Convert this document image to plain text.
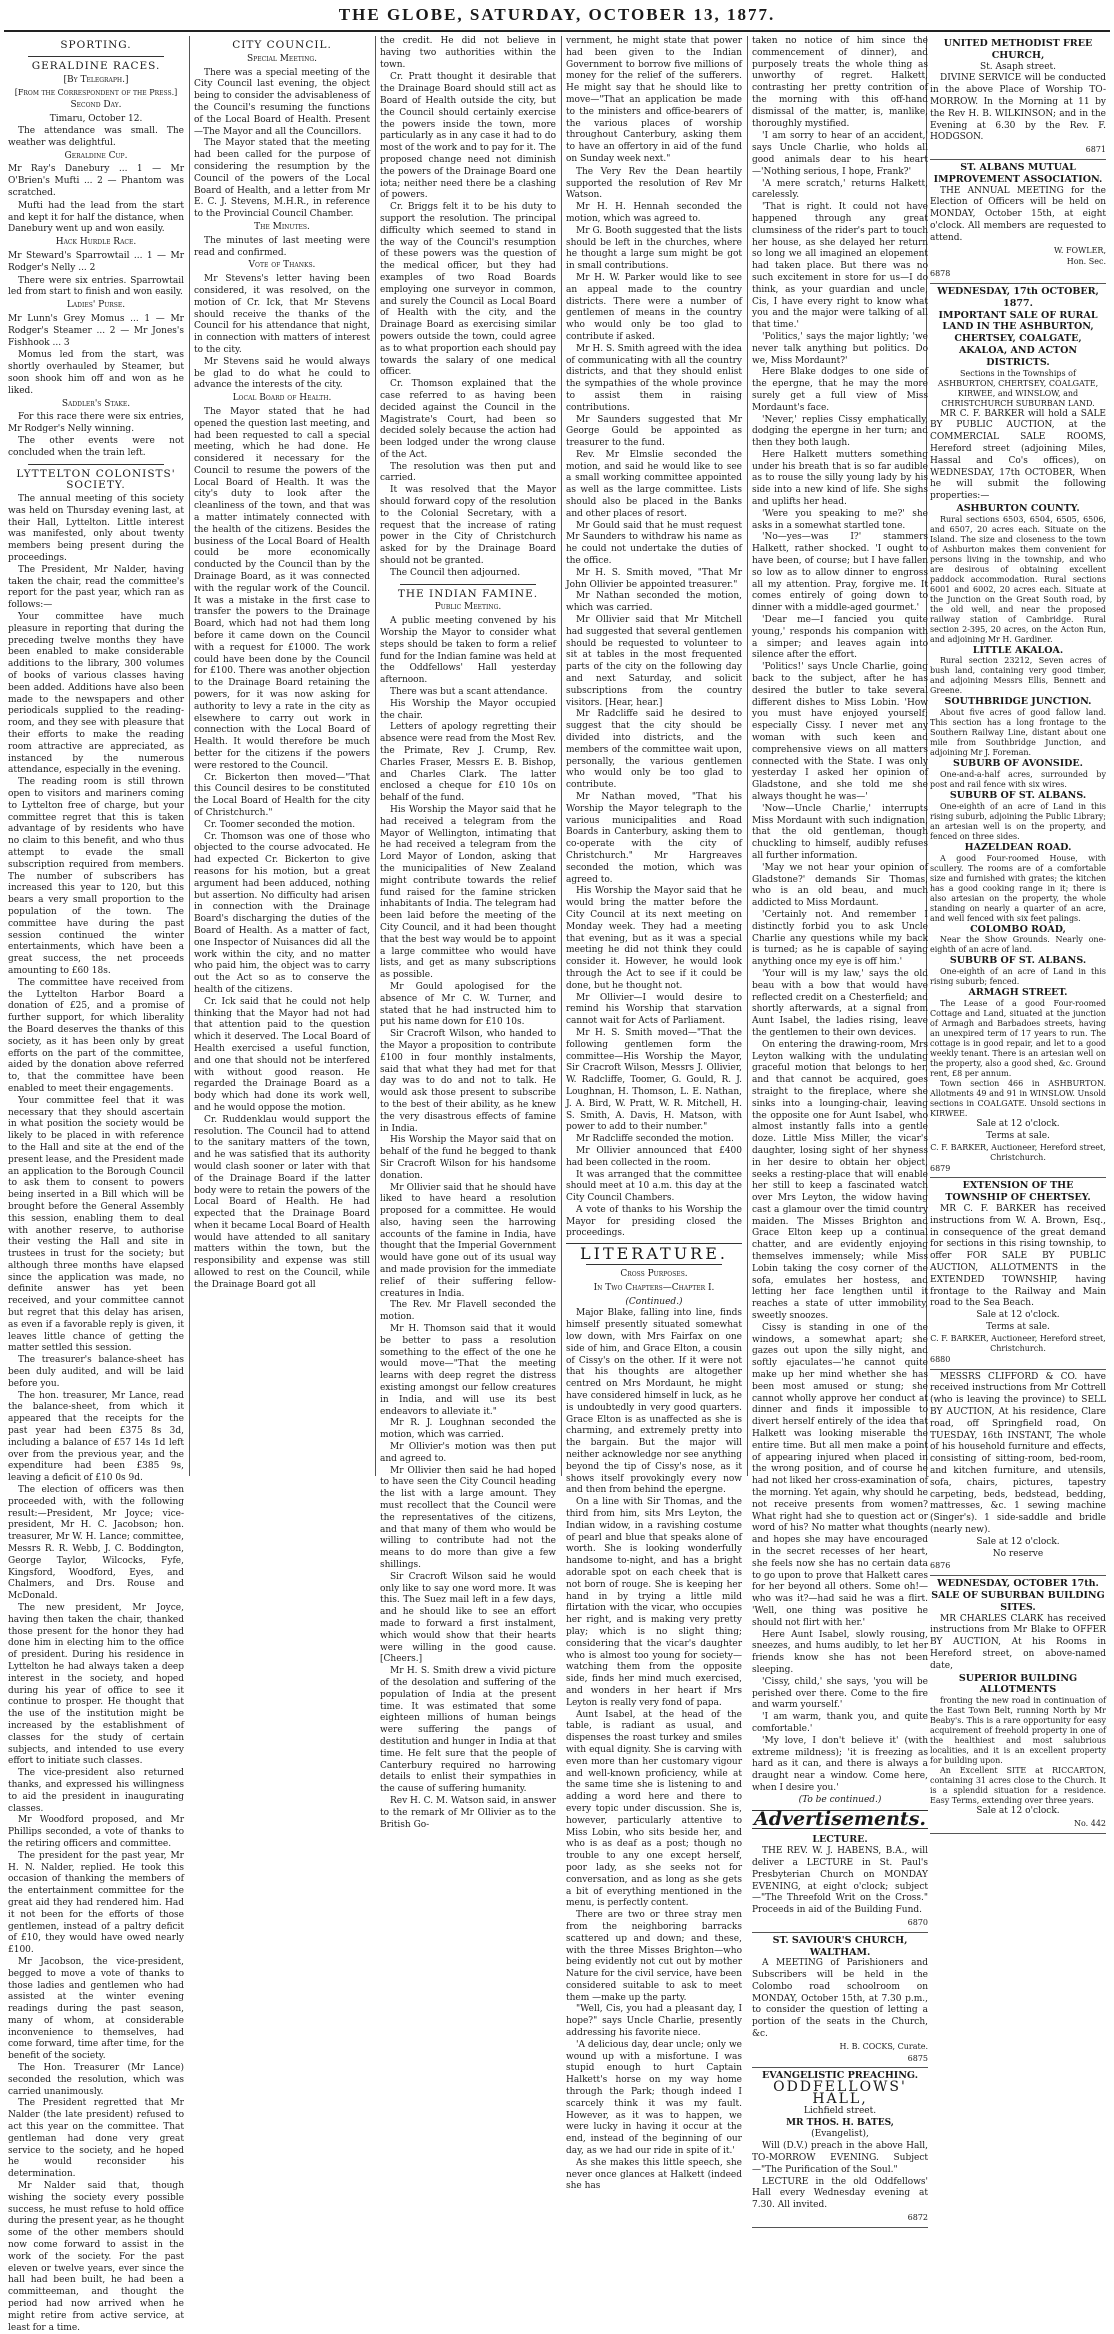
THE GLOBE, SATURDAY, OCTOBER 13, 1877.
SPORTING.
GERALDINE RACES.
[By Telegraph.]
[From the Correspondent of the Press.]
Second Day.
Timaru, October 12.

The attendance was small. The weather was delightful.

Geraldine Cup.

Mr Ray's Danebury ... 1 — Mr O'Brien's Mufti ... 2 — Phantom was scratched.

Mufti had the lead from the start and kept it for half the distance, when Danebury went up and won easily.

Hack Hurdle Race.

Mr Steward's Sparrowtail ... 1 — Mr Rodger's Nelly ... 2

There were six entries. Sparrowtail led from start to finish and won easily.

Ladies' Purse.

Mr Lunn's Grey Momus ... 1 — Mr Rodger's Steamer ... 2 — Mr Jones's Fishhook ... 3

Momus led from the start, was shortly overhauled by Steamer, but soon shook him off and won as he liked.

Saddler's Stake.

For this race there were six entries, Mr Rodger's Nelly winning.

The other events were not concluded when the train left.

LYTTELTON COLONISTS' SOCIETY.

The annual meeting of this society was held on Thursday evening last, at their Hall, Lyttelton. Little interest was manifested, only about twenty members being present during the proceedings.

The President, Mr Nalder, having taken the chair, read the committee's report for the past year, which ran as follows:—

Your committee have much pleasure in reporting that during the preceding twelve months they have been enabled to make considerable additions to the library, 300 volumes of books of various classes having been added. Additions have also been made to the newspapers and other periodicals supplied to the reading-room, and they see with pleasure that their efforts to make the reading room attractive are appreciated, as instanced by the numerous attendance, especially in the evening.

The reading room is still thrown open to visitors and mariners coming to Lyttelton free of charge, but your committee regret that this is taken advantage of by residents who have no claim to this benefit, and who thus attempt to evade the small subscription required from members. The number of subscribers has increased this year to 120, but this bears a very small proportion to the population of the town. The committee have during the past session continued the winter entertainments, which have been a great success, the net proceeds amounting to £60 18s.

The committee have received from the Lyttelton Harbor Board a donation of £25, and a promise of further support, for which liberality the Board deserves the thanks of this society, as it has been only by great efforts on the part of the committee, aided by the donation above referred to, that the committee have been enabled to meet their engagements.

Your committee feel that it was necessary that they should ascertain in what position the society would be likely to be placed in with reference to the Hall and site at the end of the present lease, and the President made an application to the Borough Council to ask them to consent to powers being inserted in a Bill which will be brought before the General Assembly this session, enabling them to deal with another reserve, to authorise their vesting the Hall and site in trustees in trust for the society; but although three months have elapsed since the application was made, no definite answer has yet been received, and your committee cannot but regret that this delay has arisen, as even if a favorable reply is given, it leaves little chance of getting the matter settled this session.

The treasurer's balance-sheet has been duly audited, and will be laid before you.

The hon. treasurer, Mr Lance, read the balance-sheet, from which it appeared that the receipts for the past year had been £375 8s 3d, including a balance of £57 14s 1d left over from the previous year, and the expenditure had been £385 9s, leaving a deficit of £10 0s 9d.

The election of officers was then proceeded with, with the following result:—President, Mr Joyce; vice-president, Mr H. C. Jacobson; hon. treasurer, Mr W. H. Lance; committee, Messrs R. R. Webb, J. C. Boddington, George Taylor, Wilcocks, Fyfe, Kingsford, Woodford, Eyes, and Chalmers, and Drs. Rouse and McDonald.

The new president, Mr Joyce, having then taken the chair, thanked those present for the honor they had done him in electing him to the office of president. During his residence in Lyttelton he had always taken a deep interest in the society, and hoped during his year of office to see it continue to prosper. He thought that the use of the institution might be increased by the establishment of classes for the study of certain subjects, and intended to use every effort to initiate such classes.

The vice-president also returned thanks, and expressed his willingness to aid the president in inaugurating classes.

Mr Woodford proposed, and Mr Phillips seconded, a vote of thanks to the retiring officers and committee.

The president for the past year, Mr H. N. Nalder, replied. He took this occasion of thanking the members of the entertainment committee for the great aid they had rendered him. Had it not been for the efforts of those gentlemen, instead of a paltry deficit of £10, they would have owed nearly £100.

Mr Jacobson, the vice-president, begged to move a vote of thanks to those ladies and gentlemen who had assisted at the winter evening readings during the past season, many of whom, at considerable inconvenience to themselves, had come forward, time after time, for the benefit of the society.

The Hon. Treasurer (Mr Lance) seconded the resolution, which was carried unanimously.

The President regretted that Mr Nalder (the late president) refused to act this year on the committee. That gentleman had done very great service to the society, and he hoped he would reconsider his determination.

Mr Nalder said that, though wishing the society every possible success, he must refuse to hold office during the present year, as he thought some of the other members should now come forward to assist in the work of the society. For the past eleven or twelve years, ever since the hall had been built, he had been a committeeman, and thought the period had now arrived when he might retire from active service, at least for a time.

CITY COUNCIL.
Special Meeting.

There was a special meeting of the City Council last evening, the object being to consider the advisableness of the Council's resuming the functions of the Local Board of Health. Present—The Mayor and all the Councillors.

The Mayor stated that the meeting had been called for the purpose of considering the resumption by the Council of the powers of the Local Board of Health, and a letter from Mr E. C. J. Stevens, M.H.R., in reference to the Provincial Council Chamber.

The Minutes.

The minutes of last meeting were read and confirmed.

Vote of Thanks.

Mr Stevens's letter having been considered, it was resolved, on the motion of Cr. Ick, that Mr Stevens should receive the thanks of the Council for his attendance that night, in connection with matters of interest to the city.

Mr Stevens said he would always be glad to do what he could to advance the interests of the city.

Local Board of Health.

The Mayor stated that he had opened the question last meeting, and had been requested to call a special meeting, which he had done. He considered it necessary for the Council to resume the powers of the Local Board of Health. It was the city's duty to look after the cleanliness of the town, and that was a matter intimately connected with the health of the citizens. Besides the business of the Local Board of Health could be more economically conducted by the Council than by the Drainage Board, as it was connected with the regular work of the Council. It was a mistake in the first case to transfer the powers to the Drainage Board, which had not had them long before it came down on the Council with a request for £1000. The work could have been done by the Council for £100. There was another objection to the Drainage Board retaining the powers, for it was now asking for authority to levy a rate in the city as elsewhere to carry out work in connection with the Local Board of Health. It would therefore be much better for the citizens if the powers were restored to the Council.

Cr. Bickerton then moved—"That this Council desires to be constituted the Local Board of Health for the city of Christchurch."

Cr. Toomer seconded the motion.

Cr. Thomson was one of those who objected to the course advocated. He had expected Cr. Bickerton to give reasons for his motion, but a great argument had been adduced, nothing but assertion. No difficulty had arisen in connection with the Drainage Board's discharging the duties of the Board of Health. As a matter of fact, one Inspector of Nuisances did all the work within the city, and no matter who paid him, the object was to carry out the Act so as to conserve the health of the citizens.

Cr. Ick said that he could not help thinking that the Mayor had not had that attention paid to the question which it deserved. The Local Board of Health exercised a useful function, and one that should not be interfered with without good reason. He regarded the Drainage Board as a body which had done its work well, and he would oppose the motion.

Cr. Ruddenklau would support the resolution. The Council had to attend to the sanitary matters of the town, and he was satisfied that its authority would clash sooner or later with that of the Drainage Board if the latter body were to retain the powers of the Local Board of Health. He had expected that the Drainage Board when it became Local Board of Health would have attended to all sanitary matters within the town, but the responsibility and expense was still allowed to rest on the Council, while the Drainage Board got all

the credit. He did not believe in having two authorities within the town.

Cr. Pratt thought it desirable that the Drainage Board should still act as Board of Health outside the city, but the Council should certainly exercise the powers inside the town, more particularly as in any case it had to do most of the work and to pay for it. The proposed change need not diminish the powers of the Drainage Board one iota; neither need there be a clashing of powers.

Cr. Briggs felt it to be his duty to support the resolution. The principal difficulty which seemed to stand in the way of the Council's resumption of these powers was the question of the medical officer, but they had examples of two Road Boards employing one surveyor in common, and surely the Council as Local Board of Health with the city, and the Drainage Board as exercising similar powers outside the town, could agree as to what proportion each should pay towards the salary of one medical officer.

Cr. Thomson explained that the case referred to as having been decided against the Council in the Magistrate's Court, had been so decided solely because the action had been lodged under the wrong clause of the Act.

The resolution was then put and carried.

It was resolved that the Mayor should forward copy of the resolution to the Colonial Secretary, with a request that the increase of rating power in the City of Christchurch asked for by the Drainage Board should not be granted.

The Council then adjourned.

THE INDIAN FAMINE.
Public Meeting.

A public meeting convened by his Worship the Mayor to consider what steps should be taken to form a relief fund for the Indian famine was held at the Oddfellows' Hall yesterday afternoon.

There was but a scant attendance.

His Worship the Mayor occupied the chair.

Letters of apology regretting their absence were read from the Most Rev. the Primate, Rev J. Crump, Rev. Charles Fraser, Messrs E. B. Bishop, and Charles Clark. The latter enclosed a cheque for £10 10s on behalf of the fund.

His Worship the Mayor said that he had received a telegram from the Mayor of Wellington, intimating that he had received a telegram from the Lord Mayor of London, asking that the municipalities of New Zealand might contribute towards the relief fund raised for the famine stricken inhabitants of India. The telegram had been laid before the meeting of the City Council, and it had been thought that the best way would be to appoint a large committee who would have lists, and get as many subscriptions as possible.

Mr Gould apologised for the absence of Mr C. W. Turner, and stated that he had instructed him to put his name down for £10 10s.

Sir Cracroft Wilson, who handed to the Mayor a proposition to contribute £100 in four monthly instalments, said that what they had met for that day was to do and not to talk. He would ask those present to subscribe to the best of their ability, as he knew the very disastrous effects of famine in India.

His Worship the Mayor said that on behalf of the fund he begged to thank Sir Cracroft Wilson for his handsome donation.

Mr Ollivier said that he should have liked to have heard a resolution proposed for a committee. He would also, having seen the harrowing accounts of the famine in India, have thought that the Imperial Government would have gone out of its usual way and made provision for the immediate relief of their suffering fellow-creatures in India.

The Rev. Mr Flavell seconded the motion.

Mr H. Thomson said that it would be better to pass a resolution something to the effect of the one he would move—"That the meeting learns with deep regret the distress existing amongst our fellow creatures in India, and will use its best endeavors to alleviate it."

Mr R. J. Loughnan seconded the motion, which was carried.

Mr Ollivier's motion was then put and agreed to.

Mr Ollivier then said he had hoped to have seen the City Council heading the list with a large amount. They must recollect that the Council were the representatives of the citizens, and that many of them who would be willing to contribute had not the means to do more than give a few shillings.

Sir Cracroft Wilson said he would only like to say one word more. It was this. The Suez mail left in a few days, and he should like to see an effort made to forward a first instalment, which would show that their hearts were willing in the good cause. [Cheers.]

Mr H. S. Smith drew a vivid picture of the desolation and suffering of the population of India at the present time. It was estimated that some eighteen millions of human beings were suffering the pangs of destitution and hunger in India at that time. He felt sure that the people of Canterbury required no harrowing details to enlist their sympathies in the cause of suffering humanity.

Rev H. C. M. Watson said, in answer to the remark of Mr Ollivier as to the British Go-

vernment, he might state that power had been given to the Indian Government to borrow five millions of money for the relief of the sufferers. He might say that he should like to move—"That an application be made to the ministers and office-bearers of the various places of worship throughout Canterbury, asking them to have an offertory in aid of the fund on Sunday week next."

The Very Rev the Dean heartily supported the resolution of Rev Mr Watson.

Mr H. H. Hennah seconded the motion, which was agreed to.

Mr G. Booth suggested that the lists should be left in the churches, where he thought a large sum might be got in small contributions.

Mr H. W. Parker would like to see an appeal made to the country districts. There were a number of gentlemen of means in the country who would only be too glad to contribute if asked.

Mr H. S. Smith agreed with the idea of communicating with all the country districts, and that they should enlist the sympathies of the whole province to assist them in raising contributions.

Mr Saunders suggested that Mr George Gould be appointed as treasurer to the fund.

Rev. Mr Elmslie seconded the motion, and said he would like to see a small working committee appointed as well as the large committee. Lists should also be placed in the Banks and other places of resort.

Mr Gould said that he must request Mr Saunders to withdraw his name as he could not undertake the duties of the office.

Mr H. S. Smith moved, "That Mr John Ollivier be appointed treasurer."

Mr Nathan seconded the motion, which was carried.

Mr Ollivier said that Mr Mitchell had suggested that several gentlemen should be requested to volunteer to sit at tables in the most frequented parts of the city on the following day and next Saturday, and solicit subscriptions from the country visitors. [Hear, hear.]

Mr Radcliffe said he desired to suggest that the city should be divided into districts, and the members of the committee wait upon, personally, the various gentlemen who would only be too glad to contribute.

Mr Nathan moved, "That his Worship the Mayor telegraph to the various municipalities and Road Boards in Canterbury, asking them to co-operate with the city of Christchurch." Mr Hargreaves seconded the motion, which was agreed to.

His Worship the Mayor said that he would bring the matter before the City Council at its next meeting on Monday week. They had a meeting that evening, but as it was a special meeting he did not think they could consider it. However, he would look through the Act to see if it could be done, but he thought not.

Mr Ollivier—I would desire to remind his Worship that starvation cannot wait for Acts of Parliament.

Mr H. S. Smith moved—"That the following gentlemen form the committee—His Worship the Mayor, Sir Cracroft Wilson, Messrs J. Ollivier, W. Radcliffe, Toomer, G. Gould, R. J. Loughnan, H. Thomson, L. E. Nathan, J. A. Bird, W. Pratt, W. R. Mitchell, H. S. Smith, A. Davis, H. Matson, with power to add to their number."

Mr Radcliffe seconded the motion.

Mr Ollivier announced that £400 had been collected in the room.

It was arranged that the committee should meet at 10 a.m. this day at the City Council Chambers.

A vote of thanks to his Worship the Mayor for presiding closed the proceedings.

LITERATURE.
Cross Purposes.
In Two Chapters—Chapter I.
(Continued.)

Major Blake, falling into line, finds himself presently situated somewhat low down, with Mrs Fairfax on one side of him, and Grace Elton, a cousin of Cissy's on the other. If it were not that his thoughts are altogether centred on Mrs Mordaunt, he might have considered himself in luck, as he is undoubtedly in very good quarters. Grace Elton is as unaffected as she is charming, and extremely pretty into the bargain. But the major will neither acknowledge nor see anything beyond the tip of Cissy's nose, as it shows itself provokingly every now and then from behind the epergne.

On a line with Sir Thomas, and the third from him, sits Mrs Leyton, the Indian widow, in a ravishing costume of pearl and blue that speaks alone of worth. She is looking wonderfully handsome to-night, and has a bright adorable spot on each cheek that is not born of rouge. She is keeping her hand in by trying a little mild flirtation with the vicar, who occupies her right, and is making very pretty play; which is no slight thing; considering that the vicar's daughter who is almost too young for society—watching them from the opposite side, finds her mind much exercised, and wonders in her heart if Mrs Leyton is really very fond of papa.

Aunt Isabel, at the head of the table, is radiant as usual, and dispenses the roast turkey and smiles with equal dignity. She is carving with even more than her customary vigour and well-known proficiency, while at the same time she is listening to and adding a word here and there to every topic under discussion. She is, however, particularly attentive to Miss Lobin, who sits beside her, and who is as deaf as a post; though no trouble to any one except herself, poor lady, as she seeks not for conversation, and as long as she gets a bit of everything mentioned in the menu, is perfectly content.

There are two or three stray men from the neighboring barracks scattered up and down; and these, with the three Misses Brighton—who being evidently not cut out by mother Nature for the civil service, have been considered suitable to ask to meet them —make up the party.

"Well, Cis, you had a pleasant day, I hope?" says Uncle Charlie, presently addressing his favorite niece.

'A delicious day, dear uncle; only we wound up with a misfortune. I was stupid enough to hurt Captain Halkett's horse on my way home through the Park; though indeed I scarcely think it was my fault. However, as it was to happen, we were lucky in having it occur at the end, instead of the beginning of our day, as we had our ride in spite of it.'

As she makes this little speech, she never once glances at Halkett (indeed she has

taken no notice of him since the commencement of dinner), and purposely treats the whole thing as unworthy of regret. Halkett, contrasting her pretty contrition of the morning with this off-hand dismissal of the matter, is, manlike, thoroughly mystified.

'I am sorry to hear of an accident,' says Uncle Charlie, who holds all good animals dear to his heart—'Nothing serious, I hope, Frank?'

'A mere scratch,' returns Halkett, carelessly.

'That is right. It could not have happened through any great clumsiness of the rider's part to touch her house, as she delayed her return so long we all imagined an elopement had taken place. But there was no such excitement in store for us—I do think, as your guardian and uncle, Cis, I have every right to know what you and the major were talking of all that time.'

'Politics,' says the major lightly; 'we never talk anything but politics. Do we, Miss Mordaunt?'

Here Blake dodges to one side of the epergne, that he may the more surely get a full view of Miss Mordaunt's face.

'Never,' replies Cissy emphatically, dodging the epergne in her turn; and then they both laugh.

Here Halkett mutters something under his breath that is so far audible as to rouse the silly young lady by his side into a new kind of life. She sighs and uplifts her head.

'Were you speaking to me?' she asks in a somewhat startled tone.

'No—yes—was I?' stammers Halkett, rather shocked. 'I ought to have been, of course; but I have fallen so low as to allow dinner to engross all my attention. Pray, forgive me. It comes entirely of going down to dinner with a middle-aged gourmet.'

'Dear me—I fancied you quite young,' responds his companion with a simper; and leaves again into silence after the effort.

'Politics!' says Uncle Charlie, going back to the subject, after he has desired the butler to take several different dishes to Miss Lobin. 'How you must have enjoyed yourself; especially Cissy. I never met any woman with such keen and comprehensive views on all matters connected with the State. I was only yesterday I asked her opinion of Gladstone, and she told me she always thought he was—'

'Now—Uncle Charlie,' interrupts Miss Mordaunt with such indignation, that the old gentleman, though chuckling to himself, audibly refuses all further information.

'May we not hear your opinion of Gladstone?' demands Sir Thomas, who is an old beau, and much addicted to Miss Mordaunt.

'Certainly not. And remember I distinctly forbid you to ask Uncle Charlie any questions while my back is turned; as he is capable of saying anything once my eye is off him.'

'Your will is my law,' says the old beau with a bow that would have reflected credit on a Chesterfield; and shortly afterwards, at a signal from Aunt Isabel, the ladies rising, leave the gentlemen to their own devices.

On entering the drawing-room, Mrs Leyton walking with the undulating graceful motion that belongs to her, and that cannot be acquired, goes straight to the fireplace, where she sinks into a lounging-chair, leaving the opposite one for Aunt Isabel, who almost instantly falls into a gentle doze. Little Miss Miller, the vicar's daughter, losing sight of her shyness in her desire to obtain her object, seeks a resting-place that will enable her still to keep a fascinated watch over Mrs Leyton, the widow having cast a glamour over the timid country maiden. The Misses Brighton and Grace Elton keep up a continual chatter, and are evidently enjoying themselves immensely; while Miss Lobin taking the cosy corner of the sofa, emulates her hostess, and letting her face lengthen until it reaches a state of utter immobility, sweetly snoozes.

Cissy is standing in one of the windows, a somewhat apart; she gazes out upon the silly night, and softly ejaculates—'he cannot quite make up her mind whether she has been most amused or stung; she cannot wholly approve her conduct at dinner and finds it impossible to divert herself entirely of the idea that Halkett was looking miserable the entire time. But all men make a point of appearing injured when placed in the wrong position, and of course he had not liked her cross-examination of the morning. Yet again, why should he not receive presents from women? What right had she to question act or word of his? No matter what thoughts and hopes she may have encouraged in the secret recesses of her heart, she feels now she has no certain data to go upon to prove that Halkett cares for her beyond all others. Some oh!—who was it?—had said he was a flirt. 'Well, one thing was positive he should not flirt with her.'

Here Aunt Isabel, slowly rousing, sneezes, and hums audibly, to let her friends know she has not been sleeping.

'Cissy, child,' she says, 'you will be perished over there. Come to the fire and warm yourself.'

'I am warm, thank you, and quite comfortable.'

'My love, I don't believe it' (with extreme mildness); 'it is freezing as hard as it can, and there is always a draught near a window. Come here, when I desire you.'

(To be continued.)
Advertisements.
LECTURE.

THE REV. W. J. HABENS, B.A., will deliver a LECTURE in St. Paul's Presbyterian Church on MONDAY EVENING, at eight o'clock; subject—"The Threefold Writ on the Cross." Proceeds in aid of the Building Fund.

6870
ST. SAVIOUR'S CHURCH, WALTHAM.

A MEETING of Parishioners and Subscribers will be held in the Colombo road schoolroom on MONDAY, October 15th, at 7.30 p.m., to consider the question of letting a portion of the seats in the Church, &c.

H. B. COCKS, Curate.
6875
EVANGELISTIC PREACHING.
ODDFELLOWS' HALL,
Lichfield street.
MR THOS. H. BATES,
(Evangelist),

Will (D.V.) preach in the above Hall, TO-MORROW EVENING. Subject—"The Purification of the Soul."

LECTURE in the old Oddfellows' Hall every Wednesday evening at 7.30. All invited.

6872
UNITED METHODIST FREE CHURCH,
St. Asaph street.

DIVINE SERVICE will be conducted in the above Place of Worship TO-MORROW. In the Morning at 11 by the Rev H. B. WILKINSON; and in the Evening at 6.30 by the Rev. F. HODGSON.

6871
ST. ALBANS MUTUAL IMPROVEMENT ASSOCIATION.

THE ANNUAL MEETING for the Election of Officers will be held on MONDAY, October 15th, at eight o'clock. All members are requested to attend.

W. FOWLER,
Hon. Sec.
6878
WEDNESDAY, 17th OCTOBER, 1877.
IMPORTANT SALE OF RURAL LAND IN THE ASHBURTON, CHERTSEY, COALGATE, AKALOA, AND ACTON DISTRICTS.
Sections in the Townships of ASHBURTON, CHERTSEY, COALGATE, KIRWEE, and WINSLOW, and CHRISTCHURCH SUBURBAN LAND.

MR C. F. BARKER will hold a SALE BY PUBLIC AUCTION, at the COMMERCIAL SALE ROOMS, Hereford street (adjoining Miles, Hassal and Co's offices), on WEDNESDAY, 17th OCTOBER, When he will submit the following properties:—

ASHBURTON COUNTY.

Rural sections 6503, 6504, 6505, 6506, and 6507, 20 acres each. Situate on the Island. The size and closeness to the town of Ashburton makes them convenient for persons living in the township, and who are desirous of obtaining excellent paddock accommodation. Rural sections 6001 and 6002, 20 acres each. Situate at the Junction on the Great South road, by the old well, and near the proposed railway station of Cambridge. Rural section 2-395, 20 acres, on the Acton Run, and adjoining Mr H. Gardiner.

LITTLE AKALOA.

Rural section 23212, Seven acres of bush land, containing very good timber, and adjoining Messrs Ellis, Bennett and Greene.

SOUTHBRIDGE JUNCTION.

About five acres of good fallow land. This section has a long frontage to the Southern Railway Line, distant about one mile from Southbridge Junction, and adjoining Mr J. Foreman.

SUBURB OF AVONSIDE.

One-and-a-half acres, surrounded by post and rail fence with six wires.

SUBURB OF ST. ALBANS.

One-eighth of an acre of Land in this rising suburb, adjoining the Public Library; an artesian well is on the property, and fenced on three sides.

HAZELDEAN ROAD.

A good Four-roomed House, with scullery. The rooms are of a comfortable size and furnished with grates; the kitchen has a good cooking range in it; there is also artesian on the property, the whole standing on nearly a quarter of an acre, and well fenced with six feet palings.

COLOMBO ROAD,

Near the Show Grounds. Nearly one-eighth of an acre of land.

SUBURB OF ST. ALBANS.

One-eighth of an acre of Land in this rising suburb; fenced.

ARMAGH STREET.

The Lease of a good Four-roomed Cottage and Land, situated at the junction of Armagh and Barbadoes streets, having an unexpired term of 17 years to run. The cottage is in good repair, and let to a good weekly tenant. There is an artesian well on the property, also a good shed, &c. Ground rent, £8 per annum.

Town section 466 in ASHBURTON. Allotments 49 and 91 in WINSLOW. Unsold sections in COALGATE. Unsold sections in KIRWEE.

Sale at 12 o'clock.
Terms at sale.
C. F. BARKER, Auctioneer, Hereford street, Christchurch.
6879
EXTENSION OF THE TOWNSHIP OF CHERTSEY.

MR C. F. BARKER has received instructions from W. A. Brown, Esq., in consequence of the great demand for sections in this rising township, to offer FOR SALE BY PUBLIC AUCTION, ALLOTMENTS in the EXTENDED TOWNSHIP, having frontage to the Railway and Main road to the Sea Beach.

Sale at 12 o'clock.
Terms at sale.
C. F. BARKER, Auctioneer, Hereford street, Christchurch.
6880

MESSRS CLIFFORD & CO. have received instructions from Mr Cottrell (who is leaving the province) to SELL BY AUCTION, At his residence, Clare road, off Springfield road, On TUESDAY, 16th INSTANT, The whole of his household furniture and effects, consisting of sitting-room, bed-room, and kitchen furniture, and utensils, sofa, chairs, pictures, tapestry carpeting, beds, bedstead, bedding, mattresses, &c. 1 sewing machine (Singer's). 1 side-saddle and bridle (nearly new).

Sale at 12 o'clock.
No reserve
6876
WEDNESDAY, OCTOBER 17th.
SALE OF SUBURBAN BUILDING SITES.

MR CHARLES CLARK has received instructions from Mr Blake to OFFER BY AUCTION, At his Rooms in Hereford street, on above-named date,

SUPERIOR BUILDING ALLOTMENTS

fronting the new road in continuation of the East Town Belt, running North by Mr Beaby's. This is a rare opportunity for easy acquirement of freehold property in one of the healthiest and most salubrious localities, and it is an excellent property for building upon.

An Excellent SITE at RICCARTON, containing 31 acres close to the Church. It is a splendid situation for a residence. Easy Terms, extending over three years.

Sale at 12 o'clock.
No. 442
